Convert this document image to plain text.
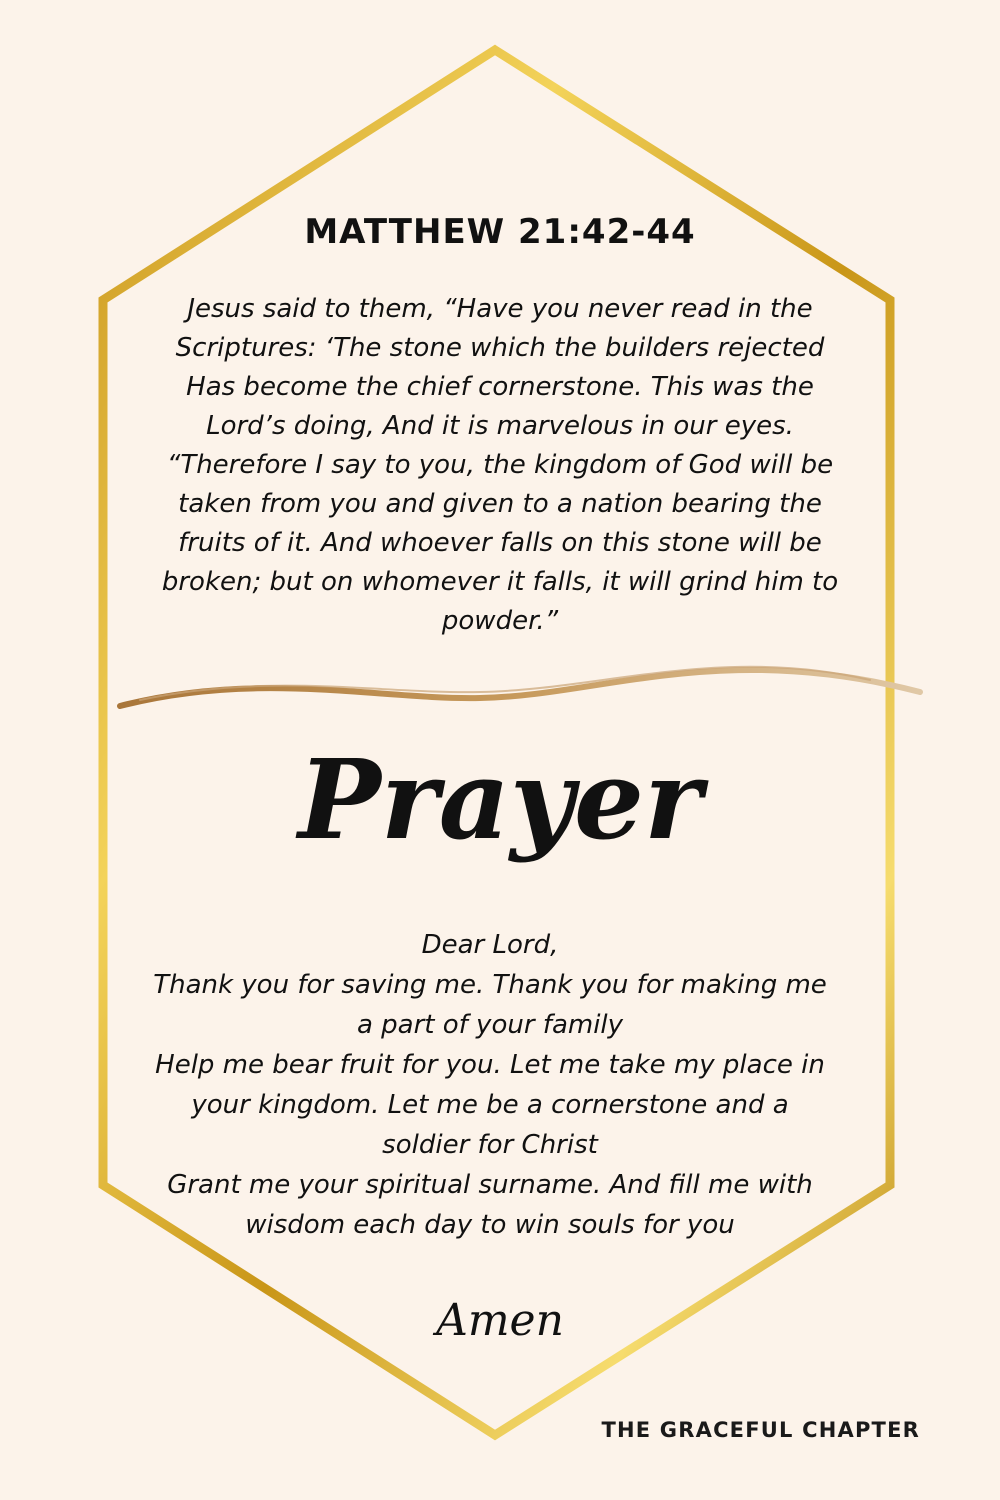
MATTHEW 21:42-44

Jesus said to them, “Have you never read in the Scriptures: ‘The stone which the builders rejected Has become the chief cornerstone. This was the Lord’s doing, And it is marvelous in our eyes. “Therefore I say to you, the kingdom of God will be taken from you and given to a nation bearing the fruits of it. And whoever falls on this stone will be broken; but on whomever it falls, it will grind him to powder.”

Prayer
Dear Lord,
Thank you for saving me. Thank you for making me a part of your family
Help me bear fruit for you. Let me take my place in your kingdom. Let me be a cornerstone and a soldier for Christ
Grant me your spiritual surname. And fill me with wisdom each day to win souls for you
Amen
THE GRACEFUL CHAPTER
